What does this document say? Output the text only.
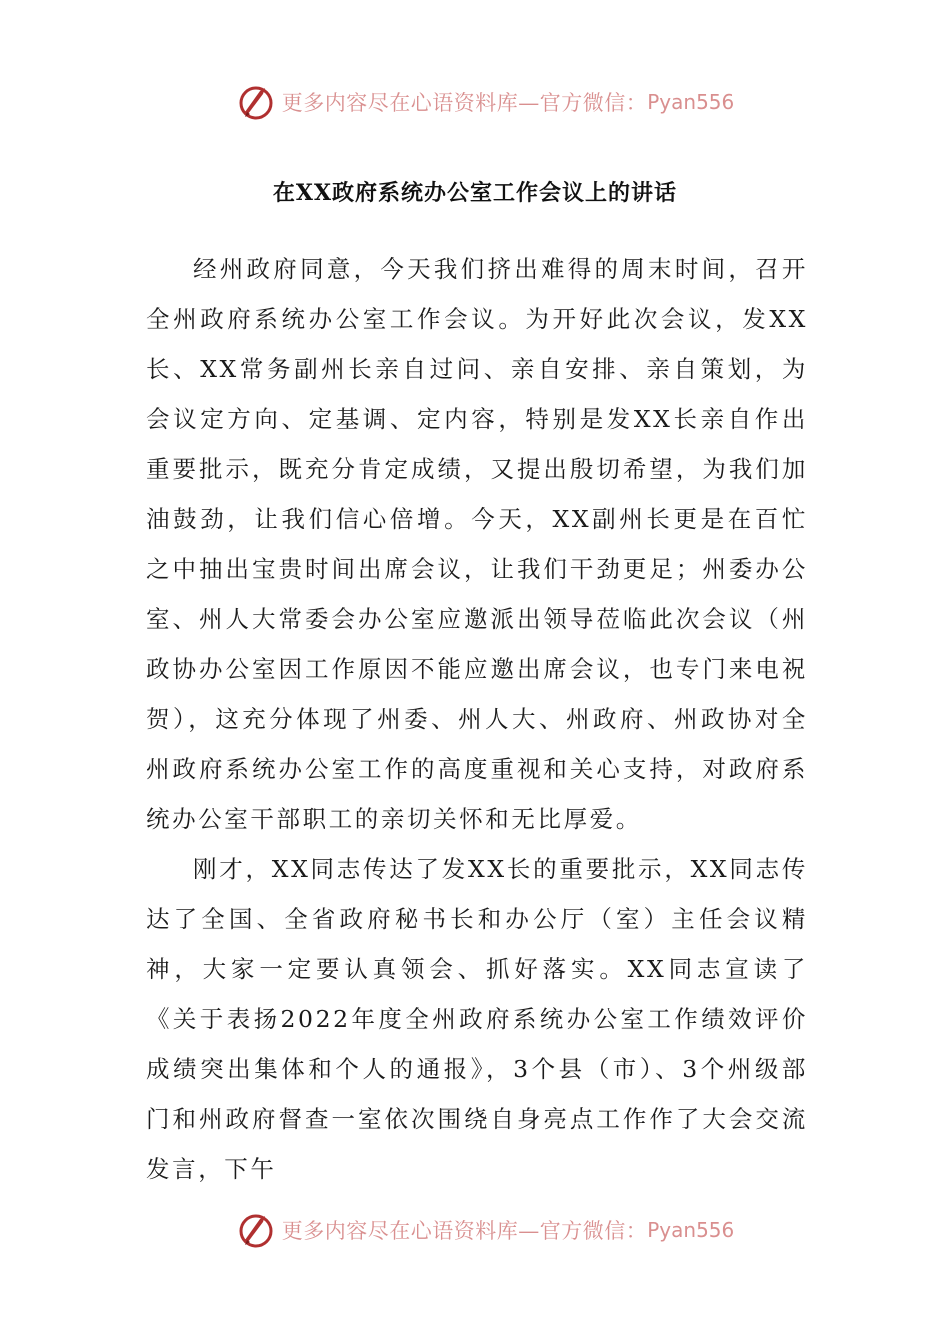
更多内容尽在心语资料库—官方微信： Pyan556
在XX政府系统办公室工作会议上的讲话

经州政府同意，今天我们挤出难得的周末时间，召开全州政府系统办公室工作会议。为开好此次会议，发XX长、XX常务副州长亲自过问、亲自安排、亲自策划，为会议定方向、定基调、定内容，特别是发XX长亲自作出重要批示，既充分肯定成绩，又提出殷切希望，为我们加油鼓劲，让我们信心倍增。今天，XX副州长更是在百忙之中抽出宝贵时间出席会议，让我们干劲更足；州委办公室、州人大常委会办公室应邀派出领导莅临此次会议（州政协办公室因工作原因不能应邀出席会议，也专门来电祝贺），这充分体现了州委、州人大、州政府、州政协对全州政府系统办公室工作的高度重视和关心支持，对政府系统办公室干部职工的亲切关怀和无比厚爱。

刚才，XX同志传达了发XX长的重要批示，XX同志传达了全国、全省政府秘书长和办公厅（室）主任会议精神，大家一定要认真领会、抓好落实。XX同志宣读了《关于表扬2022年度全州政府系统办公室工作绩效评价成绩突出集体和个人的通报》，3个县（市）、3个州级部门和州政府督查一室依次围绕自身亮点工作作了大会交流发言，下午

更多内容尽在心语资料库—官方微信： Pyan556
